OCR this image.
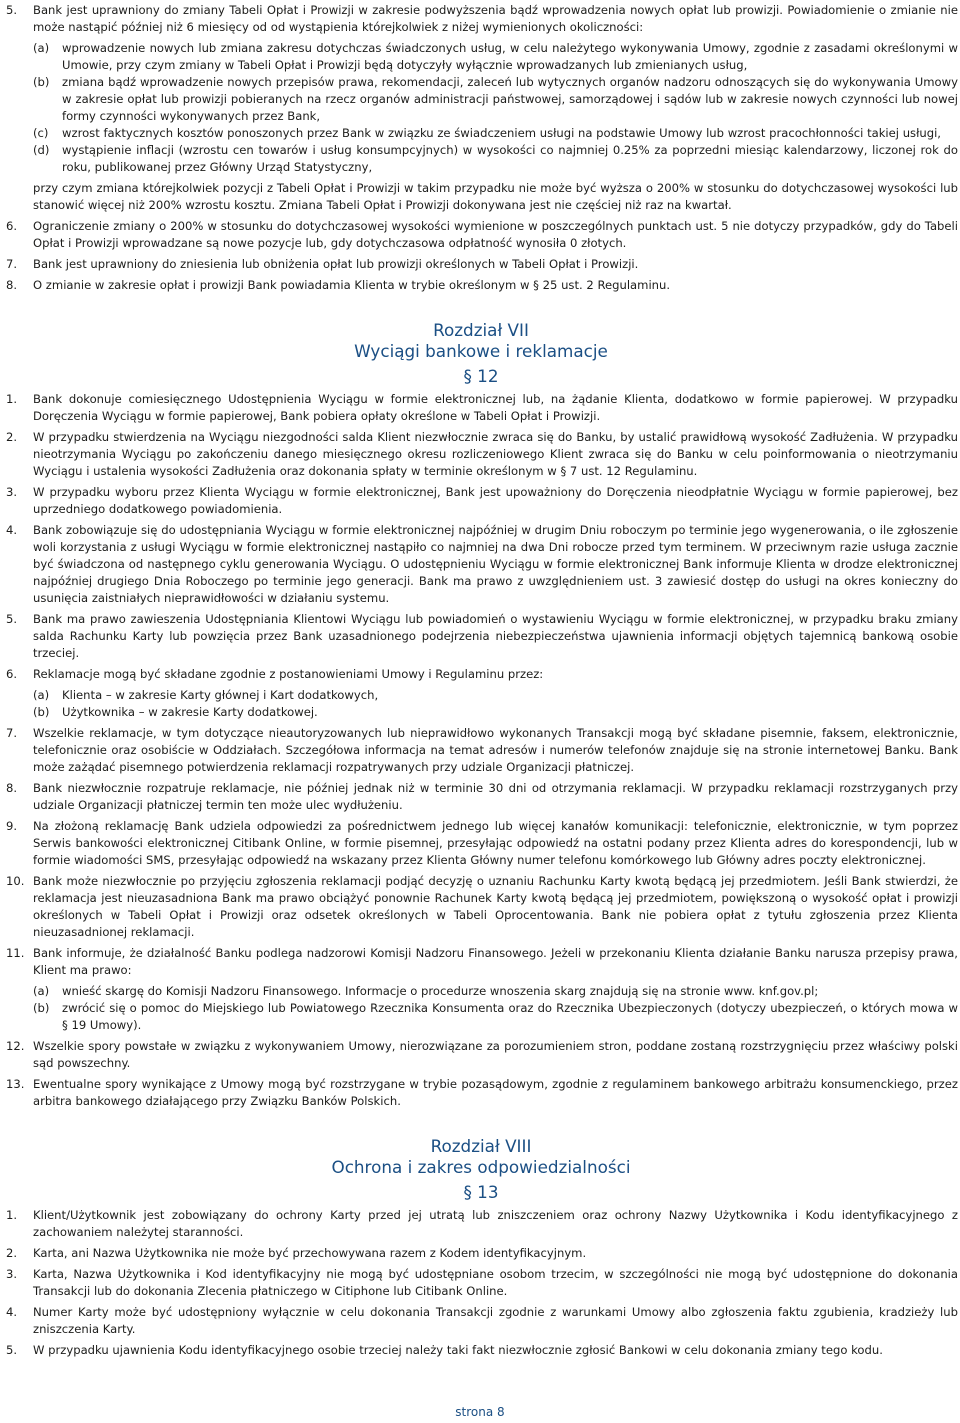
5. Bank jest uprawniony do zmiany Tabeli Opłat i Prowizji w zakresie podwyższenia bądź wprowadzenia nowych opłat lub prowizji. Powiadomienie o zmianie nie może nastąpić później niż 6 miesięcy od od wystąpienia którejkolwiek z niżej wymienionych okoliczności:

(a) wprowadzenie nowych lub zmiana zakresu dotychczas świadczonych usług, w celu należytego wykonywania Umowy, zgodnie z zasadami określonymi w Umowie, przy czym zmiany w Tabeli Opłat i Prowizji będą dotyczyły wyłącznie wprowadzanych lub zmienianych usług,

(b) zmiana bądź wprowadzenie nowych przepisów prawa, rekomendacji, zaleceń lub wytycznych organów nadzoru odnoszących się do wykonywania Umowy w zakresie opłat lub prowizji pobieranych na rzecz organów administracji państwowej, samorządowej i sądów lub w zakresie nowych czynności lub nowej formy czynności wykonywanych przez Bank,

(c) wzrost faktycznych kosztów ponoszonych przez Bank w związku ze świadczeniem usługi na podstawie Umowy lub wzrost pracochłonności takiej usługi,

(d) wystąpienie inflacji (wzrostu cen towarów i usług konsumpcyjnych) w wysokości co najmniej 0.25% za poprzedni miesiąc kalendarzowy, liczonej rok do roku, publikowanej przez Główny Urząd Statystyczny,

przy czym zmiana którejkolwiek pozycji z Tabeli Opłat i Prowizji w takim przypadku nie może być wyższa o 200% w stosunku do dotychczasowej wysokości lub stanowić więcej niż 200% wzrostu kosztu. Zmiana Tabeli Opłat i Prowizji dokonywana jest nie częściej niż raz na kwartał.

6. Ograniczenie zmiany o 200% w stosunku do dotychczasowej wysokości wymienione w poszczególnych punktach ust. 5 nie dotyczy przypadków, gdy do Tabeli Opłat i Prowizji wprowadzane są nowe pozycje lub, gdy dotychczasowa odpłatność wynosiła 0 złotych.

7. Bank jest uprawniony do zniesienia lub obniżenia opłat lub prowizji określonych w Tabeli Opłat i Prowizji.

8. O zmianie w zakresie opłat i prowizji Bank powiadamia Klienta w trybie określonym w § 25 ust. 2 Regulaminu.

Rozdział VII
Wyciągi bankowe i reklamacje
§ 12
1. Bank dokonuje comiesięcznego Udostępnienia Wyciągu w formie elektronicznej lub, na żądanie Klienta, dodatkowo w formie papierowej. W przypadku Doręczenia Wyciągu w formie papierowej, Bank pobiera opłaty określone w Tabeli Opłat i Prowizji.

2. W przypadku stwierdzenia na Wyciągu niezgodności salda Klient niezwłocznie zwraca się do Banku, by ustalić prawidłową wysokość Zadłużenia. W przypadku nieotrzymania Wyciągu po zakończeniu danego miesięcznego okresu rozliczeniowego Klient zwraca się do Banku w celu poinformowania o nieotrzymaniu Wyciągu i ustalenia wysokości Zadłużenia oraz dokonania spłaty w terminie określonym w § 7 ust. 12 Regulaminu.

3. W przypadku wyboru przez Klienta Wyciągu w formie elektronicznej, Bank jest upoważniony do Doręczenia nieodpłatnie Wyciągu w formie papierowej, bez uprzedniego dodatkowego powiadomienia.

4. Bank zobowiązuje się do udostępniania Wyciągu w formie elektronicznej najpóźniej w drugim Dniu roboczym po terminie jego wygenerowania, o ile zgłoszenie woli korzystania z usługi Wyciągu w formie elektronicznej nastąpiło co najmniej na dwa Dni robocze przed tym terminem. W przeciwnym razie usługa zacznie być świadczona od następnego cyklu generowania Wyciągu. O udostępnieniu Wyciągu w formie elektronicznej Bank informuje Klienta w drodze elektronicznej najpóźniej drugiego Dnia Roboczego po terminie jego generacji. Bank ma prawo z uwzględnieniem ust. 3 zawiesić dostęp do usługi na okres konieczny do usunięcia zaistniałych nieprawidłowości w działaniu systemu.

5. Bank ma prawo zawieszenia Udostępniania Klientowi Wyciągu lub powiadomień o wystawieniu Wyciągu w formie elektronicznej, w przypadku braku zmiany salda Rachunku Karty lub powzięcia przez Bank uzasadnionego podejrzenia niebezpieczeństwa ujawnienia informacji objętych tajemnicą bankową osobie trzeciej.

6. Reklamacje mogą być składane zgodnie z postanowieniami Umowy i Regulaminu przez:

(a) Klienta – w zakresie Karty głównej i Kart dodatkowych,

(b) Użytkownika – w zakresie Karty dodatkowej.

7. Wszelkie reklamacje, w tym dotyczące nieautoryzowanych lub nieprawidłowo wykonanych Transakcji mogą być składane pisemnie, faksem, elektronicznie, telefonicznie oraz osobiście w Oddziałach. Szczegółowa informacja na temat adresów i numerów telefonów znajduje się na stronie internetowej Banku. Bank może zażądać pisemnego potwierdzenia reklamacji rozpatrywanych przy udziale Organizacji płatniczej.

8. Bank niezwłocznie rozpatruje reklamacje, nie później jednak niż w terminie 30 dni od otrzymania reklamacji. W przypadku reklamacji rozstrzyganych przy udziale Organizacji płatniczej termin ten może ulec wydłużeniu.

9. Na złożoną reklamację Bank udziela odpowiedzi za pośrednictwem jednego lub więcej kanałów komunikacji: telefonicznie, elektronicznie, w tym poprzez Serwis bankowości elektronicznej Citibank Online, w formie pisemnej, przesyłając odpowiedź na ostatni podany przez Klienta adres do korespondencji, lub w formie wiadomości SMS, przesyłając odpowiedź na wskazany przez Klienta Główny numer telefonu komórkowego lub Główny adres poczty elektronicznej.

10. Bank może niezwłocznie po przyjęciu zgłoszenia reklamacji podjąć decyzję o uznaniu Rachunku Karty kwotą będącą jej przedmiotem. Jeśli Bank stwierdzi, że reklamacja jest nieuzasadniona Bank ma prawo obciążyć ponownie Rachunek Karty kwotą będącą jej przedmiotem, powiększoną o wysokość opłat i prowizji określonych w Tabeli Opłat i Prowizji oraz odsetek określonych w Tabeli Oprocentowania. Bank nie pobiera opłat z tytułu zgłoszenia przez Klienta nieuzasadnionej reklamacji.

11. Bank informuje, że działalność Banku podlega nadzorowi Komisji Nadzoru Finansowego. Jeżeli w przekonaniu Klienta działanie Banku narusza przepisy prawa, Klient ma prawo:

(a) wnieść skargę do Komisji Nadzoru Finansowego. Informacje o procedurze wnoszenia skarg znajdują się na stronie www. knf.gov.pl;

(b) zwrócić się o pomoc do Miejskiego lub Powiatowego Rzecznika Konsumenta oraz do Rzecznika Ubezpieczonych (dotyczy ubezpieczeń, o których mowa w § 19 Umowy).

12. Wszelkie spory powstałe w związku z wykonywaniem Umowy, nierozwiązane za porozumieniem stron, poddane zostaną rozstrzygnięciu przez właściwy polski sąd powszechny.

13. Ewentualne spory wynikające z Umowy mogą być rozstrzygane w trybie pozasądowym, zgodnie z regulaminem bankowego arbitrażu konsumenckiego, przez arbitra bankowego działającego przy Związku Banków Polskich.

Rozdział VIII
Ochrona i zakres odpowiedzialności
§ 13
1. Klient/Użytkownik jest zobowiązany do ochrony Karty przed jej utratą lub zniszczeniem oraz ochrony Nazwy Użytkownika i Kodu identyfikacyjnego z zachowaniem należytej staranności.

2. Karta, ani Nazwa Użytkownika nie może być przechowywana razem z Kodem identyfikacyjnym.

3. Karta, Nazwa Użytkownika i Kod identyfikacyjny nie mogą być udostępniane osobom trzecim, w szczególności nie mogą być udostępnione do dokonania Transakcji lub do dokonania Zlecenia płatniczego w Citiphone lub Citibank Online.

4. Numer Karty może być udostępniony wyłącznie w celu dokonania Transakcji zgodnie z warunkami Umowy albo zgłoszenia faktu zgubienia, kradzieży lub zniszczenia Karty.

5. W przypadku ujawnienia Kodu identyfikacyjnego osobie trzeciej należy taki fakt niezwłocznie zgłosić Bankowi w celu dokonania zmiany tego kodu.

strona 8
